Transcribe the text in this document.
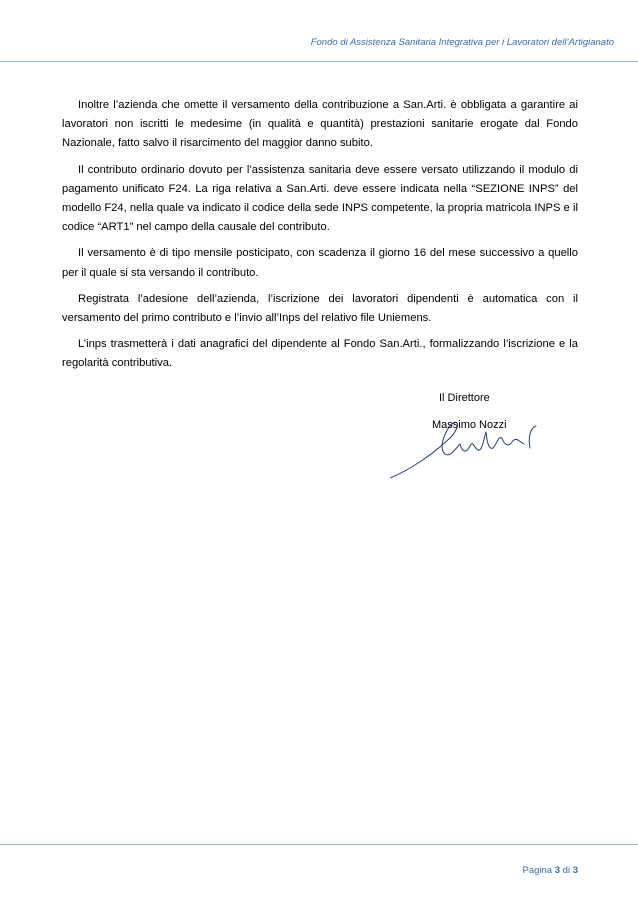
Fondo di Assistenza Sanitaria Integrativa per i Lavoratori dell’Artigianato

Inoltre l’azienda che omette il versamento della contribuzione a San.Arti. è obbligata a garantire ai lavoratori non iscritti le medesime (in qualità e quantità) prestazioni sanitarie erogate dal Fondo Nazionale, fatto salvo il risarcimento del maggior danno subito.

Il contributo ordinario dovuto per l’assistenza sanitaria deve essere versato utilizzando il modulo di pagamento unificato F24. La riga relativa a San.Arti. deve essere indicata nella “SEZIONE INPS” del modello F24, nella quale va indicato il codice della sede INPS competente, la propria matricola INPS e il codice “ART1” nel campo della causale del contributo.

Il versamento è di tipo mensile posticipato, con scadenza il giorno 16 del mese successivo a quello per il quale si sta versando il contributo.

Registrata l’adesione dell’azienda, l’iscrizione dei lavoratori dipendenti è automatica con il versamento del primo contributo e l’invio all’Inps del relativo file Uniemens.

L’inps trasmetterà i dati anagrafici del dipendente al Fondo San.Arti., formalizzando l’iscrizione e la regolarità contributiva.

Il Direttore
Massimo Nozzi
Pagina 3 di 3
